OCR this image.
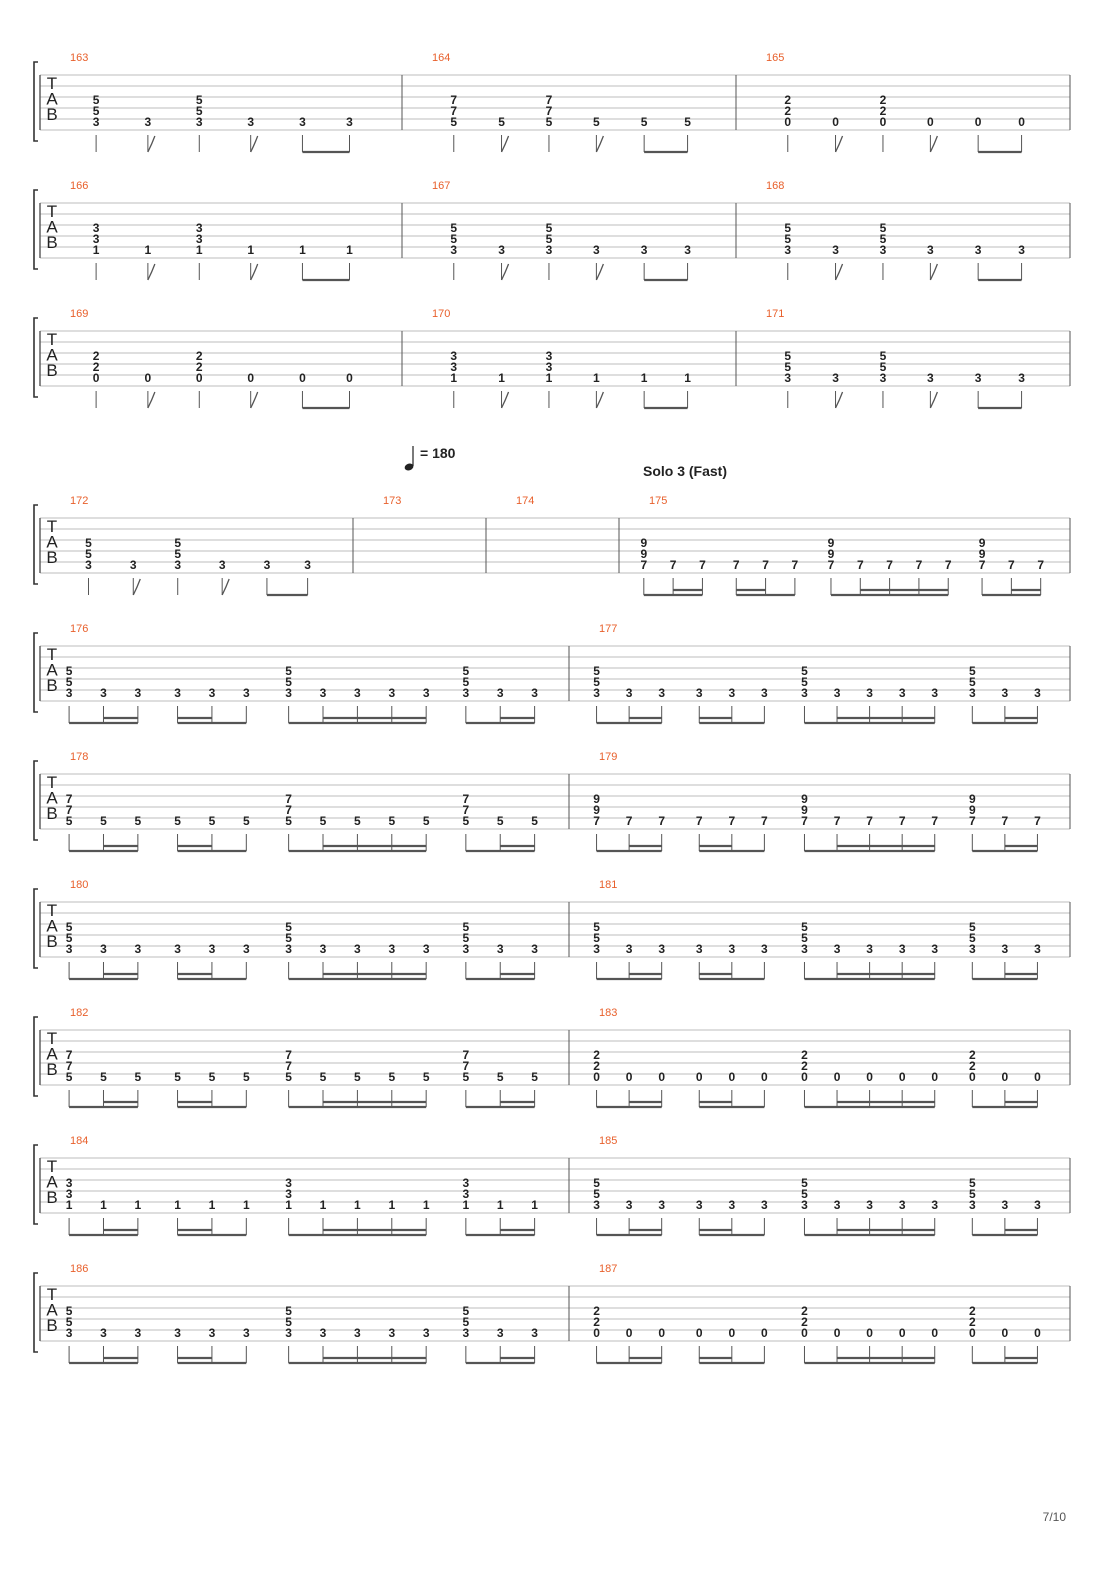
= 180
Solo 3 (Fast)
T
A
B
163
5
5
3	3
5
5
3	3	3	3
164
7
7
5	5
7
7
5	5	5	5
165
2
2
0	0
2
2
0	0	0	0
T
A
B
166
3
3
1	1
3
3
1	1	1	1
167
5
5
3	3
5
5
3	3	3	3
168
5
5
3	3
5
5
3	3	3	3
T
A
B
169
2
2
0	0
2
2
0	0	0	0
170
3
3
1	1
3
3
1	1	1	1
171
5
5
3	3
5
5
3	3	3	3
T
A
B
172
5
5
3	3
5
5
3	3	3	3
173	174	175
9
9
7 7 7 7 7 7
9
9
7 7 7 7 7
9
9
7 7 7
T
A
B
176
5
5
3 3 3	3 3 3
5
5
3 3 3 3 3
5
5
3 3 3
177
5
5
3 3 3	3 3 3
5
5
3 3 3 3 3
5
5
3 3 3
T
A
B
178
7
7
5 5 5	5 5 5
7
7
5 5 5 5 5
7
7
5 5 5
179
9
9
7 7 7	7 7 7
9
9
7 7 7 7 7
9
9
7 7 7
T
A
B
180
5
5
3 3 3	3 3 3
5
5
3 3 3 3 3
5
5
3 3 3
181
5
5
3 3 3	3 3 3
5
5
3 3 3 3 3
5
5
3 3 3
T
A
B
182
7
7
5 5 5	5 5 5
7
7
5 5 5 5 5
7
7
5 5 5
183
2
2
0 0 0	0 0 0
2
2
0 0 0 0 0
2
2
0 0 0
T
A
B
184
3
3
1 1 1	1 1 1
3
3
1 1 1 1 1
3
3
1 1 1
185
5
5
3 3 3	3 3 3
5
5
3 3 3 3 3
5
5
3 3 3
T
A
B
186
5
5
3 3 3	3 3 3
5
5
3 3 3 3 3
5
5
3 3 3
187
2
2
0 0 0	0 0 0
2
2
0 0 0 0 0
2
2
0 0 0
7/10
